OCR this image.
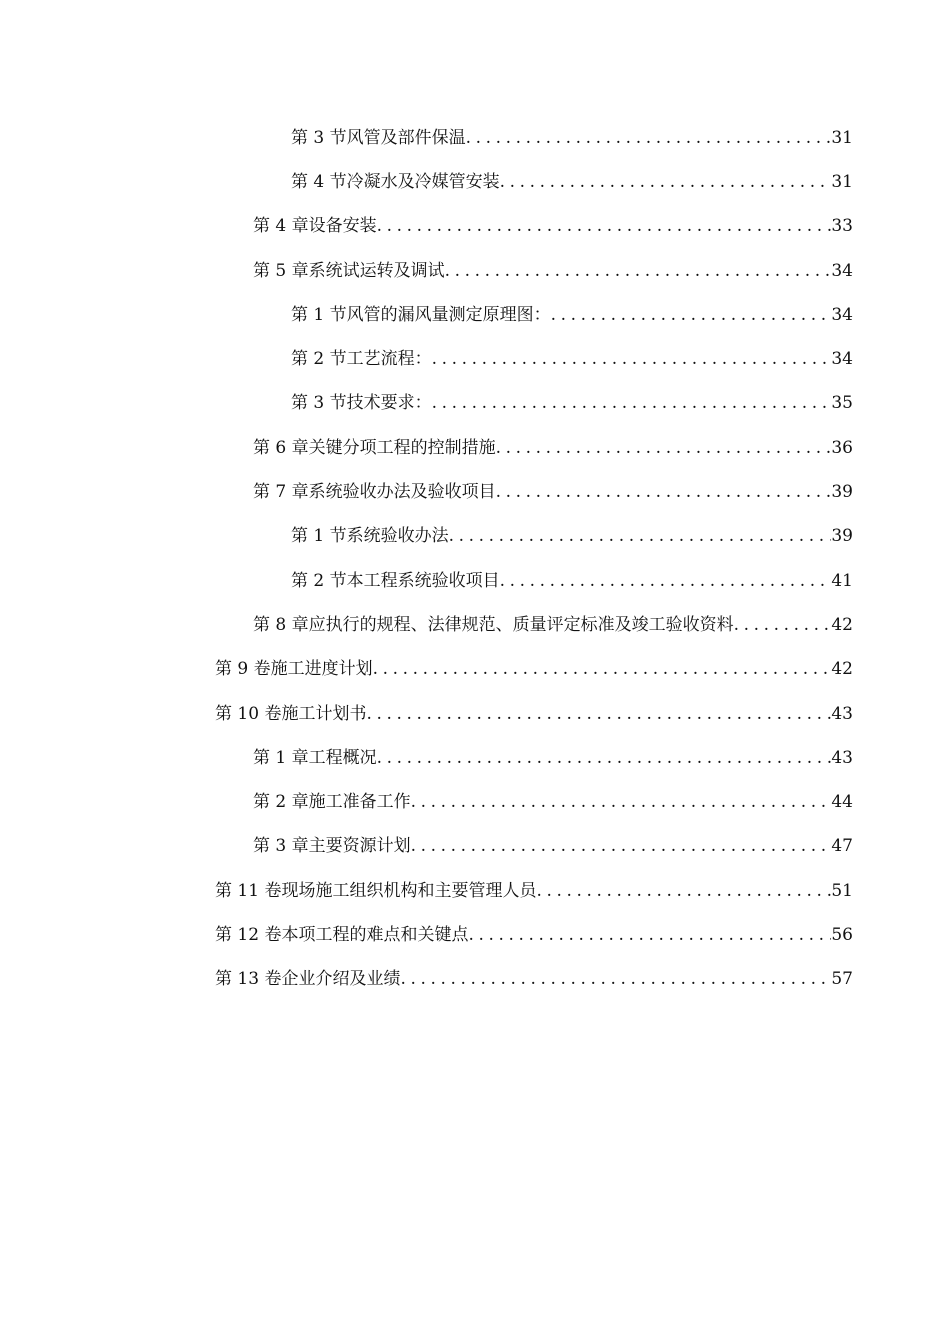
第 3 节 风管及部件保温 .....	31
第 4 节 冷凝水及冷媒管安装 .....	31
第 4 章 设备安装 .....	33
第 5 章 系统试运转及调试 .....	34
第 1 节 风管的漏风量测定原理图： .....	34
第 2 节 工艺流程： .....	34
第 3 节 技术要求： .....	35
第 6 章 关键分项工程的控制措施 .....	36
第 7 章 系统验收办法及验收项目 .....	39
第 1 节 系统验收办法 .....	39
第 2 节 本工程系统验收项目 .....	41
第 8 章 应执行的规程、法律规范、质量评定标准及竣工验收资料 .....	42
第 9 卷 施工进度计划 .....	42
第 10 卷 施工计划书 .....	43
第 1 章 工程概况 .....	43
第 2 章 施工准备工作 .....	44
第 3 章 主要资源计划 .....	47
第 11 卷 现场施工组织机构和主要管理人员 .....	51
第 12 卷 本项工程的难点和关键点 .....	56
第 13 卷 企业介绍及业绩 .....	57
